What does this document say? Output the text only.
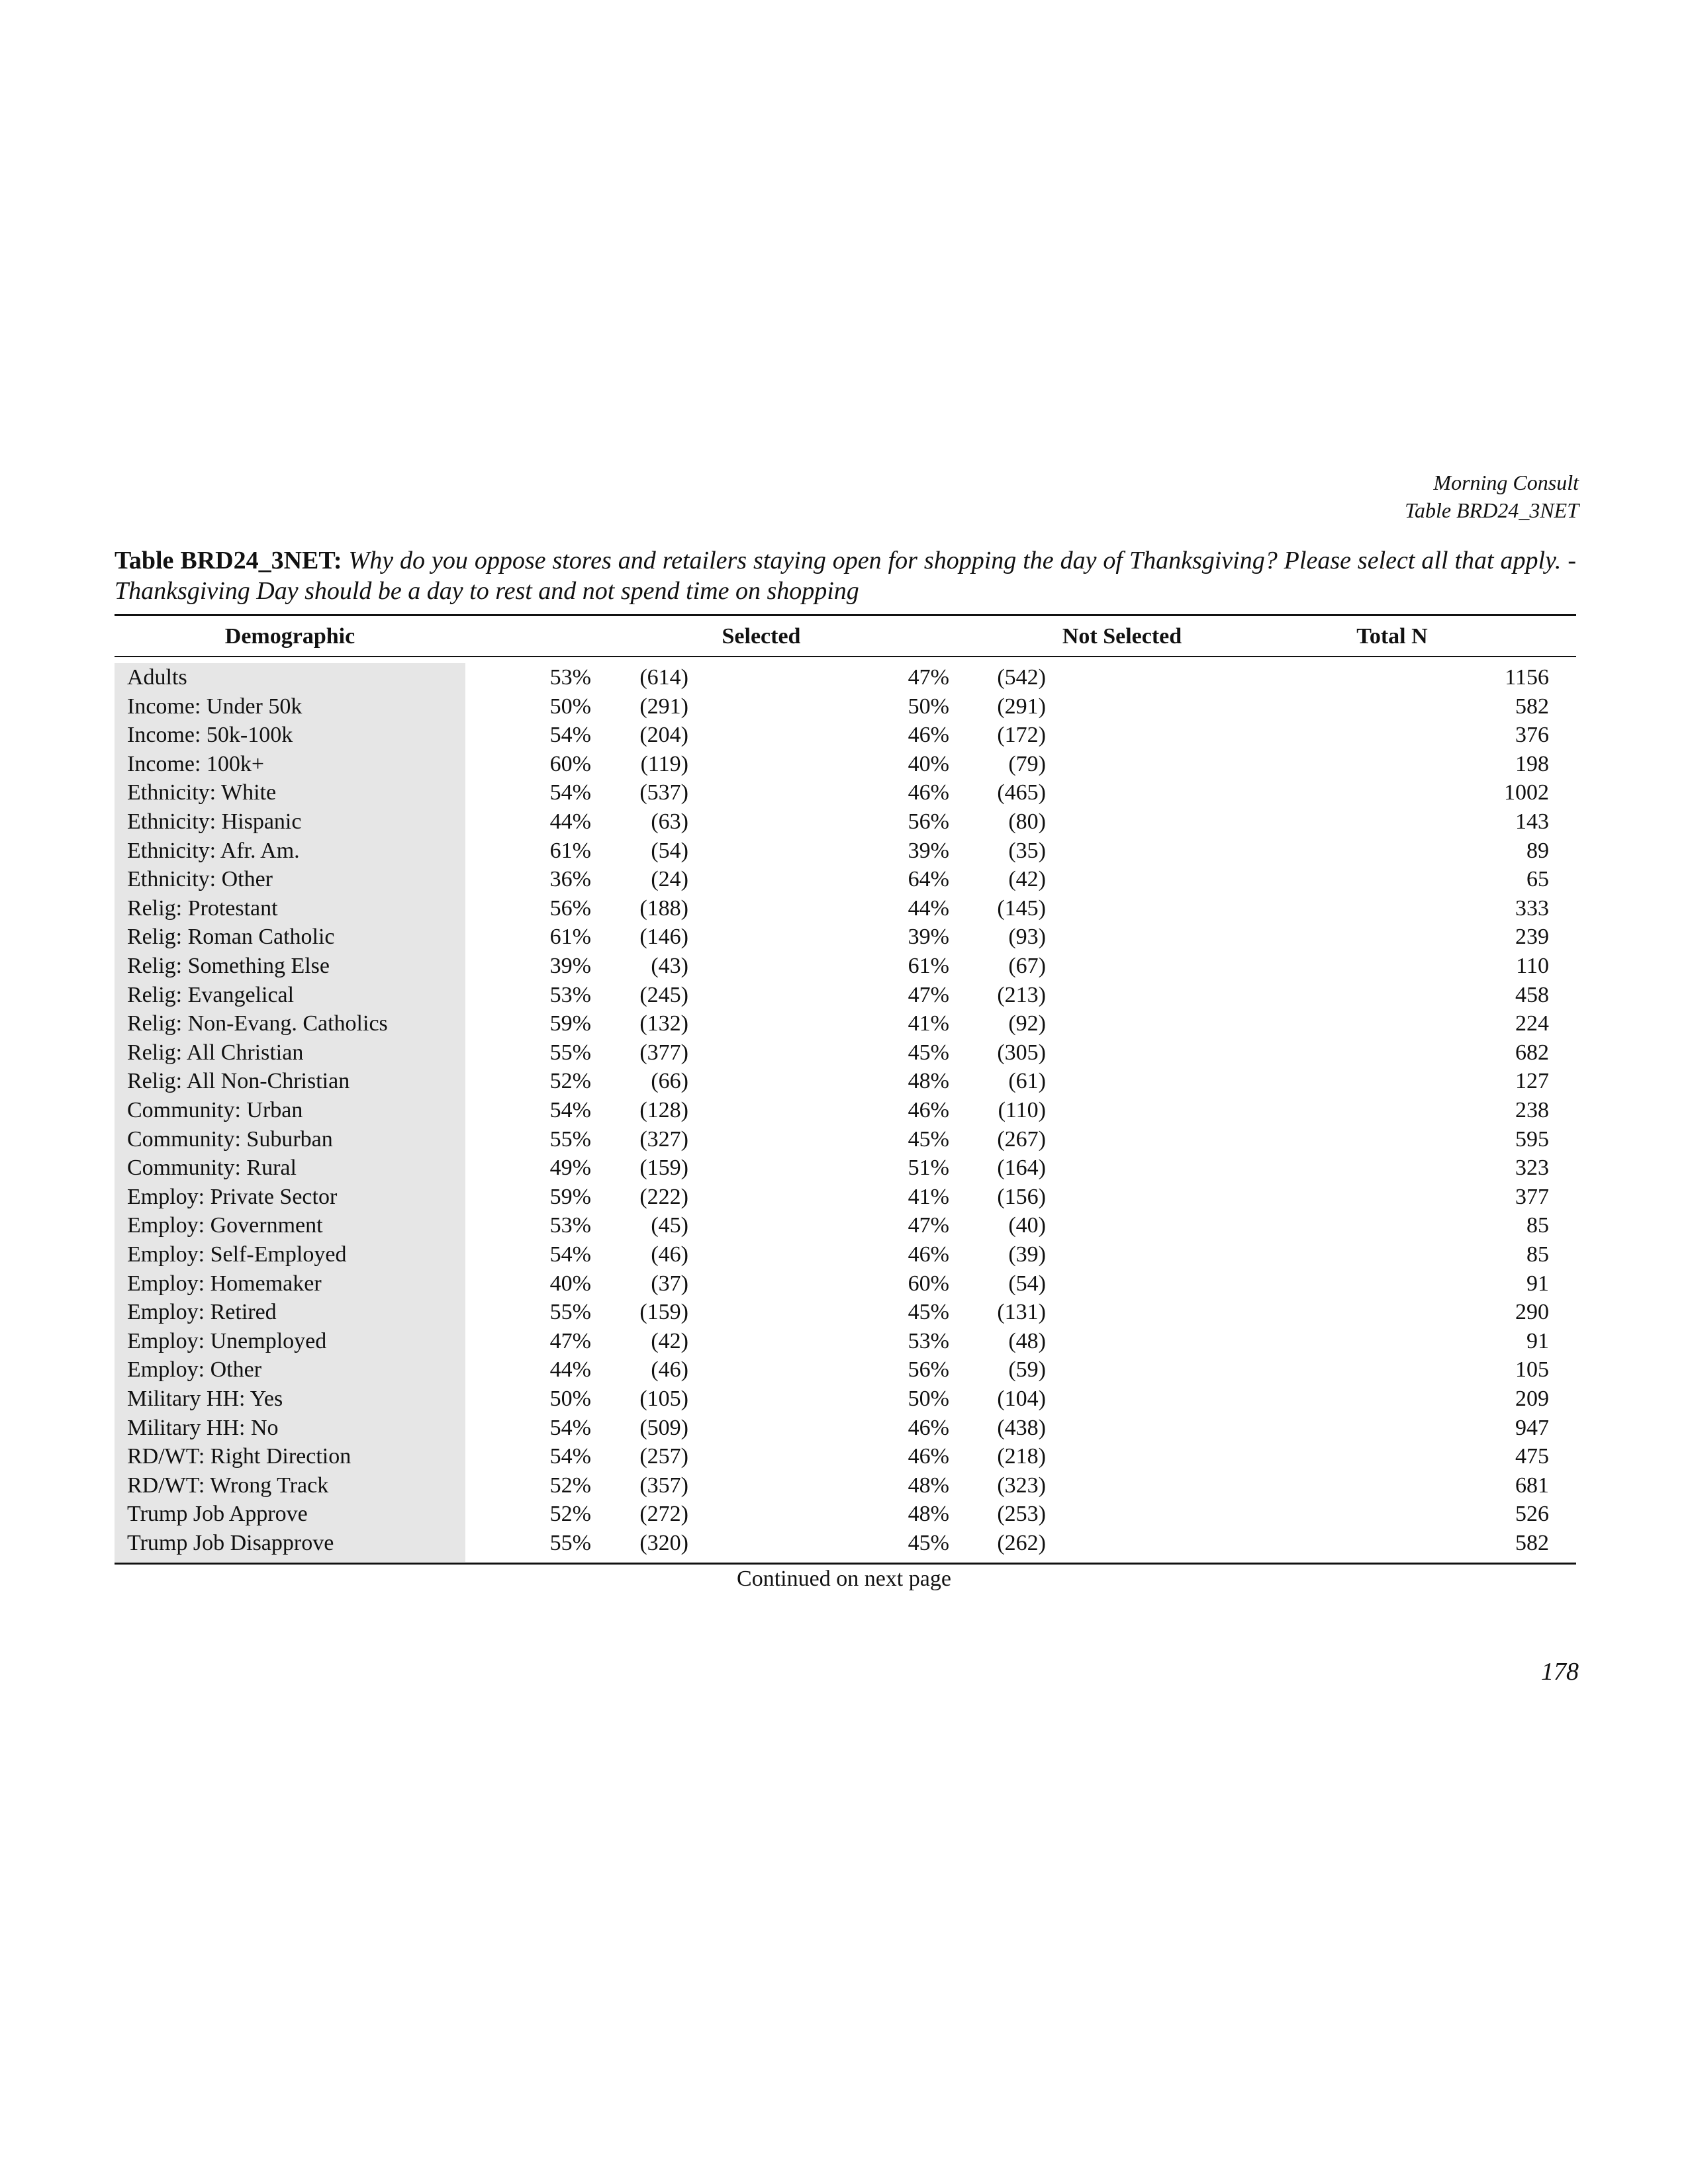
Morning Consult
Table BRD24_3NET
Table BRD24_3NET: Why do you oppose stores and retailers staying open for shopping the day of Thanksgiving? Please select all that apply. -
Thanksgiving Day should be a day to rest and not spend time on shopping
Demographic	Selected	Not Selected	Total N
Adults	53% (614)	47% (542)	1156
Income: Under 50k	50% (291)	50% (291)	582
Income: 50k-100k	54% (204)	46% (172)	376
Income: 100k+	60% (119)	40%	(79)	198
Ethnicity: White	54% (537)	46% (465)	1002
Ethnicity: Hispanic	44%	(63)	56%	(80)	143
Ethnicity: Afr. Am.	61%	(54)	39%	(35)	89
Ethnicity: Other	36%	(24)	64%	(42)	65
Relig: Protestant	56% (188)	44% (145)	333
Relig: Roman Catholic	61% (146)	39%	(93)	239
Relig: Something Else	39%	(43)	61%	(67)	110
Relig: Evangelical	53% (245)	47% (213)	458
Relig: Non-Evang. Catholics	59% (132)	41%	(92)	224
Relig: All Christian	55% (377)	45% (305)	682
Relig: All Non-Christian	52%	(66)	48%	(61)	127
Community: Urban	54% (128)	46% (110)	238
Community: Suburban	55% (327)	45% (267)	595
Community: Rural	49% (159)	51% (164)	323
Employ: Private Sector	59% (222)	41% (156)	377
Employ: Government	53%	(45)	47%	(40)	85
Employ: Self-Employed	54%	(46)	46%	(39)	85
Employ: Homemaker	40%	(37)	60%	(54)	91
Employ: Retired	55% (159)	45% (131)	290
Employ: Unemployed	47%	(42)	53%	(48)	91
Employ: Other	44%	(46)	56%	(59)	105
Military HH: Yes	50% (105)	50% (104)	209
Military HH: No	54% (509)	46% (438)	947
RD/WT: Right Direction	54% (257)	46% (218)	475
RD/WT: Wrong Track	52% (357)	48% (323)	681
Trump Job Approve	52% (272)	48% (253)	526
Trump Job Disapprove	55% (320)	45% (262)	582
Continued on next page
178
